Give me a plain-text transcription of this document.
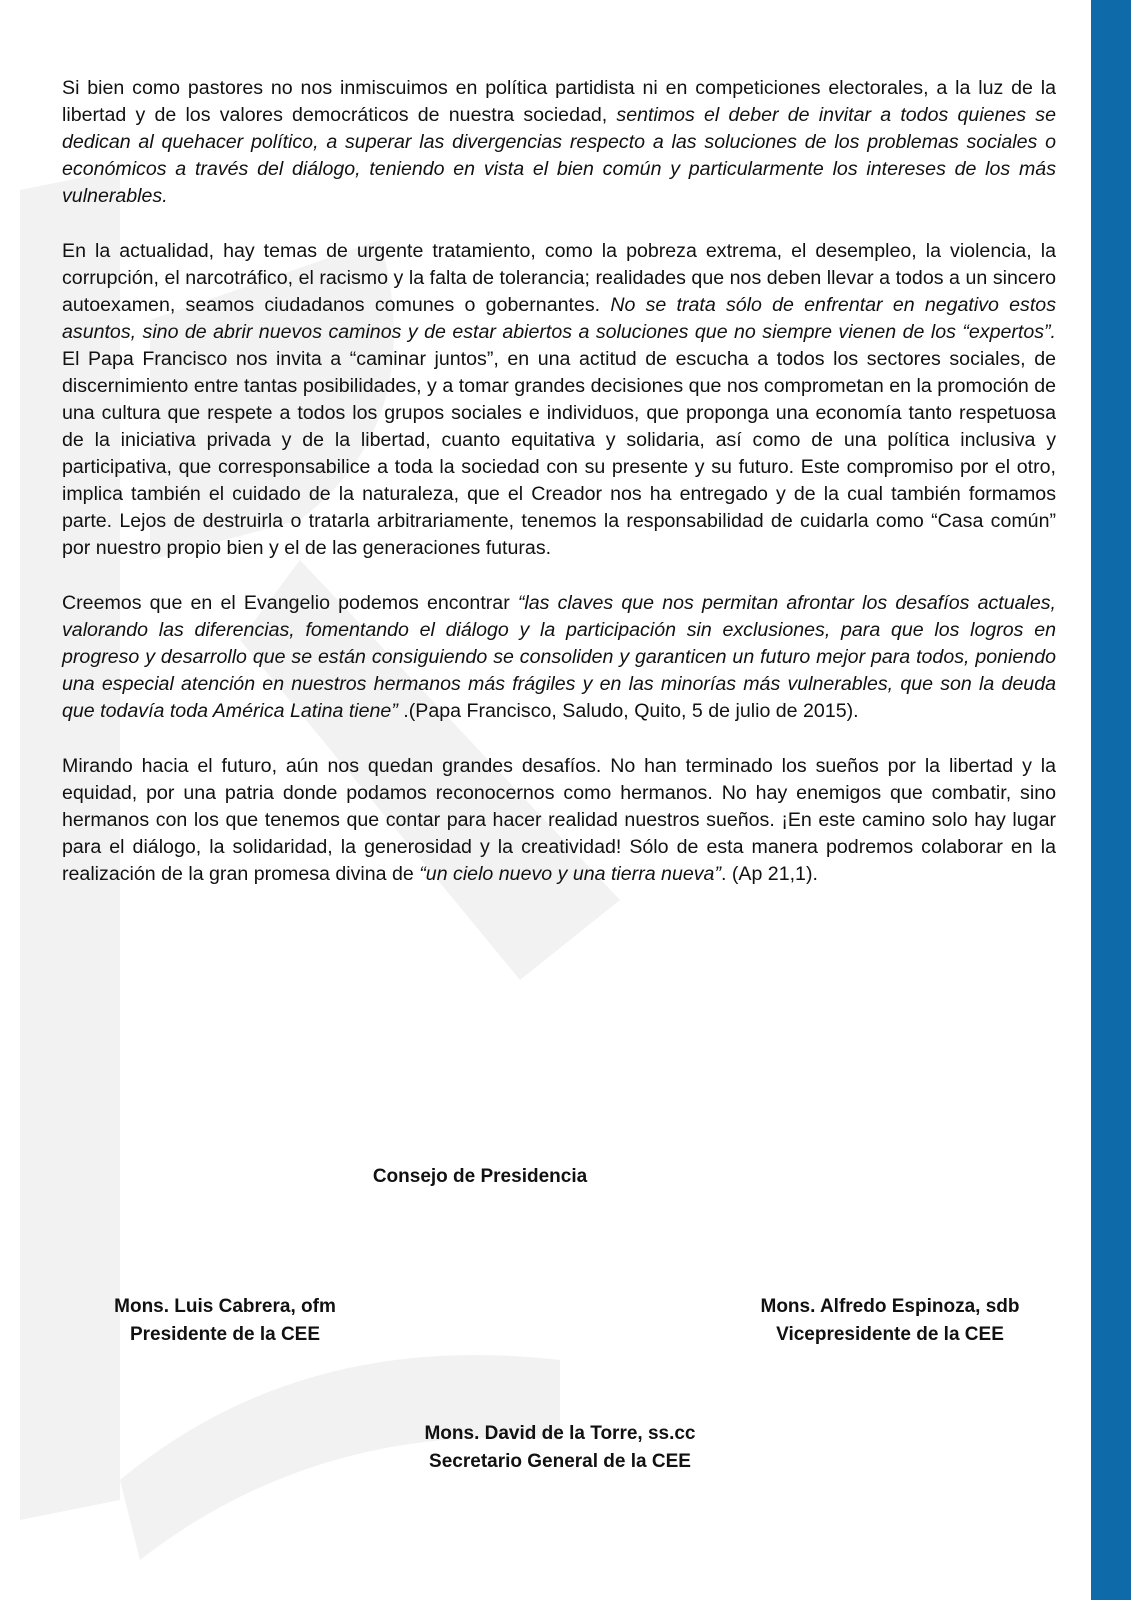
Si bien como pastores no nos inmiscuimos en política partidista ni en competiciones electorales, a la luz de la libertad y de los valores democráticos de nuestra sociedad, sentimos el deber de invitar a todos quienes se dedican al quehacer político, a superar las divergencias respecto a las soluciones de los problemas sociales o económicos a través del diálogo, teniendo en vista el bien común y particularmente los intereses de los más vulnerables.

En la actualidad, hay temas de urgente tratamiento, como la pobreza extrema, el desempleo, la violencia, la corrupción, el narcotráfico, el racismo y la falta de tolerancia; realidades que nos deben llevar a todos a un sincero autoexamen, seamos ciudadanos comunes o gobernantes. No se trata sólo de enfrentar en negativo estos asuntos, sino de abrir nuevos caminos y de estar abiertos a soluciones que no siempre vienen de los “expertos”. El Papa Francisco nos invita a “caminar juntos”, en una actitud de escucha a todos los sectores sociales, de discernimiento entre tantas posibilidades, y a tomar grandes decisiones que nos comprometan en la promoción de una cultura que respete a todos los grupos sociales e individuos, que proponga una economía tanto respetuosa de la iniciativa privada y de la libertad, cuanto equitativa y solidaria, así como de una política inclusiva y participativa, que corresponsabilice a toda la sociedad con su presente y su futuro. Este compromiso por el otro, implica también el cuidado de la naturaleza, que el Creador nos ha entregado y de la cual también formamos parte. Lejos de destruirla o tratarla arbitrariamente, tenemos la responsabilidad de cuidarla como “Casa común” por nuestro propio bien y el de las generaciones futuras.

Creemos que en el Evangelio podemos encontrar “las claves que nos permitan afrontar los desafíos actuales, valorando las diferencias, fomentando el diálogo y la participación sin exclusiones, para que los logros en progreso y desarrollo que se están consiguiendo se consoliden y garanticen un futuro mejor para todos, poniendo una especial atención en nuestros hermanos más frágiles y en las minorías más vulnerables, que son la deuda que todavía toda América Latina tiene” .(Papa Francisco, Saludo, Quito, 5 de julio de 2015).

Mirando hacia el futuro, aún nos quedan grandes desafíos. No han terminado los sueños por la libertad y la equidad, por una patria donde podamos reconocernos como hermanos. No hay enemigos que combatir, sino hermanos con los que tenemos que contar para hacer realidad nuestros sueños. ¡En este camino solo hay lugar para el diálogo, la solidaridad, la generosidad y la creatividad! Sólo de esta manera podremos colaborar en la realización de la gran promesa divina de “un cielo nuevo y una tierra nueva”. (Ap 21,1).

Consejo de Presidencia
Mons. Luis Cabrera, ofm
Presidente de la CEE
Mons. Alfredo Espinoza, sdb
Vicepresidente de la CEE
Mons. David de la Torre, ss.cc
Secretario General de la CEE
